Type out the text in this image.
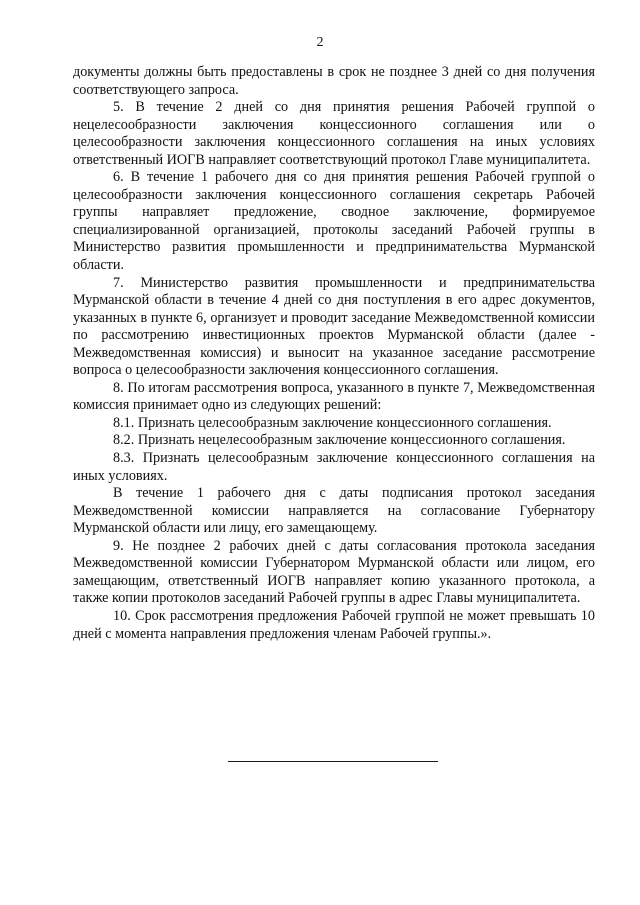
2

документы должны быть предоставлены в срок не позднее 3 дней со дня получения соответствующего запроса.

5. В течение 2 дней со дня принятия решения Рабочей группой о нецелесообразности заключения концессионного соглашения или о целесообразности заключения концессионного соглашения на иных условиях ответственный ИОГВ направляет соответствующий протокол Главе муниципалитета.

6. В течение 1 рабочего дня со дня принятия решения Рабочей группой о целесообразности заключения концессионного соглашения секретарь Рабочей группы направляет предложение, сводное заключение, формируемое специализированной организацией, протоколы заседаний Рабочей группы в Министерство развития промышленности и предпринимательства Мурманской области.

7. Министерство развития промышленности и предпринимательства Мурманской области в течение 4 дней со дня поступления в его адрес документов, указанных в пункте 6, организует и проводит заседание Межведомственной комиссии по рассмотрению инвестиционных проектов Мурманской области (далее - Межведомственная комиссия) и выносит на указанное заседание рассмотрение вопроса о целесообразности заключения концессионного соглашения.

8. По итогам рассмотрения вопроса, указанного в пункте 7, Межведомственная комиссия принимает одно из следующих решений:

8.1. Признать целесообразным заключение концессионного соглашения.

8.2. Признать нецелесообразным заключение концессионного соглашения.

8.3. Признать целесообразным заключение концессионного соглашения на иных условиях.

В течение 1 рабочего дня с даты подписания протокол заседания Межведомственной комиссии направляется на согласование Губернатору Мурманской области или лицу, его замещающему.

9. Не позднее 2 рабочих дней с даты согласования протокола заседания Межведомственной комиссии Губернатором Мурманской области или лицом, его замещающим, ответственный ИОГВ направляет копию указанного протокола, а также копии протоколов заседаний Рабочей группы в адрес Главы муниципалитета.

10. Срок рассмотрения предложения Рабочей группой не может превышать 10 дней с момента направления предложения членам Рабочей группы.».
